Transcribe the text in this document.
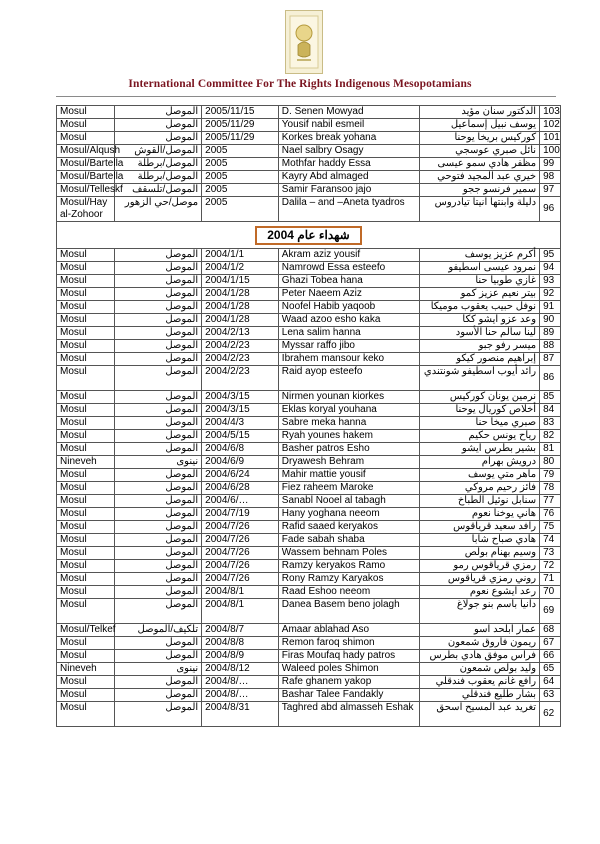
International Committee For The Rights Indigenous Mesopotamians
Mosul	الموصل	2005/11/15	D. Senen Mowyad	الدكتور سنان مؤيد	103
Mosul	الموصل	2005/11/29	Yousif nabil esmeil	يوسف نبيل إسماعيل	102
Mosul	الموصل	2005/11/29	Korkes break yohana	كوركيس بريخا يوحنا	101
Mosul/Alqush	الموصل/القوش	2005	Nael salbry Osagy	نائل صبري عوسجي	100
Mosul/Bartella	الموصل/برطلة	2005	Mothfar haddy Essa	مظفر هادي سمو عيسى	99
Mosul/Bartella	الموصل/برطلة	2005	Kayry Abd almaged	خيري عبد المجيد فتوحي	98
Mosul/Telleskf	الموصل/تلسقف	2005	Samir Faransoo jajo	سمير فرنسو ججو	97
Mosul/Hay al-Zohoor	موصل/حي الزهور	2005	Dalila – and –Aneta tyadros	دليلة وابنتها انيتا تيادروس	96
شهداء عام 2004					
Mosul	الموصل	2004/1/1	Akram aziz yousif	أكرم عزيز يوسف	95
Mosul	الموصل	2004/1/2	Namrowd Essa esteefo	نمرود عيسى اسطيفو	94
Mosul	الموصل	2004/1/15	Ghazi Tobea hana	غازي طوبيا حنا	93
Mosul	الموصل	2004/1/28	Peter Naeem Aziz	بيتر نعيم عزيز كمو	92
Mosul	الموصل	2004/1/28	Noofel Habib yaqoob	نوفل حبيب يعقوب موميكا	91
Mosul	الموصل	2004/1/28	Waad azoo esho kaka	وعد عزو ايشو ككا	90
Mosul	الموصل	2004/2/13	Lena salim hanna	لينا سالم حنا الأسود	89
Mosul	الموصل	2004/2/23	Myssar raffo jibo	ميسر رفو جبو	88
Mosul	الموصل	2004/2/23	Ibrahem mansour keko	إبراهيم منصور كيكو	87
Mosul	الموصل	2004/2/23	Raid ayop esteefo	رائد أيوب اسطيفو شونتندي	86
Mosul	الموصل	2004/3/15	Nirmen younan kiorkes	نرمين يونان كوركيس	85
Mosul	الموصل	2004/3/15	Eklas koryal youhana	أخلاص كوريال يوحنا	84
Mosul	الموصل	2004/4/3	Sabre meka hanna	صبري ميخا حنا	83
Mosul	الموصل	2004/5/15	Ryah younes hakem	رياح يونس حكيم	82
Mosul	الموصل	2004/6/8	Basher patros Esho	بشير بطرس ايشو	81
Nineveh	نينوى	2004/6/9	Dryawesh Behram	درويش بهرام	80
Mosul	الموصل	2004/6/24	Mahir mattie yousif	ماهر متي يوسف	79
Mosul	الموصل	2004/6/28	Fiez raheem Maroke	فائز رحيم مروكي	78
Mosul	الموصل	2004/6/…	Sanabl Nooel al tabagh	سنابل نوئيل الطباخ	77
Mosul	الموصل	2004/7/19	Hany yoghana neeom	هاني يوخنا نعوم	76
Mosul	الموصل	2004/7/26	Rafid saaed keryakos	رافد سعيد قرياقوس	75
Mosul	الموصل	2004/7/26	Fade sabah shaba	هادي صباح شابا	74
Mosul	الموصل	2004/7/26	Wassem behnam Poles	وسيم بهنام بولص	73
Mosul	الموصل	2004/7/26	Ramzy keryakos Ramo	رمزي قرياقوس رمو	72
Mosul	الموصل	2004/7/26	Rony Ramzy Karyakos	روني رمزي قرياقوس	71
Mosul	الموصل	2004/8/1	Raad Eshoo neeom	رعد ايشوع نعوم	70
Mosul	الموصل	2004/8/1	Danea Basem beno jolagh	دانيا باسم بنو جولاغ	69
Mosul/Telkef	تلكيف/الموصل	2004/8/7	Amaar ablahad Aso	عمار ابلحد اسو	68
Mosul	الموصل	2004/8/8	Remon faroq shimon	ريمون فاروق شمعون	67
Mosul	الموصل	2004/8/9	Firas Moufaq hady patros	فراس موفق هادي بطرس	66
Nineveh	نينوى	2004/8/12	Waleed poles Shimon	وليد بولص شمعون	65
Mosul	الموصل	2004/8/…	Rafe ghanem yakop	رافع غانم يعقوب فندقلي	64
Mosul	الموصل	2004/8/…	Bashar Talee Fandakly	بشار طليع فندقلي	63
Mosul	الموصل	2004/8/31	Taghred abd almasseh Eshak	تغريد عبد المسيح اسحق	62
